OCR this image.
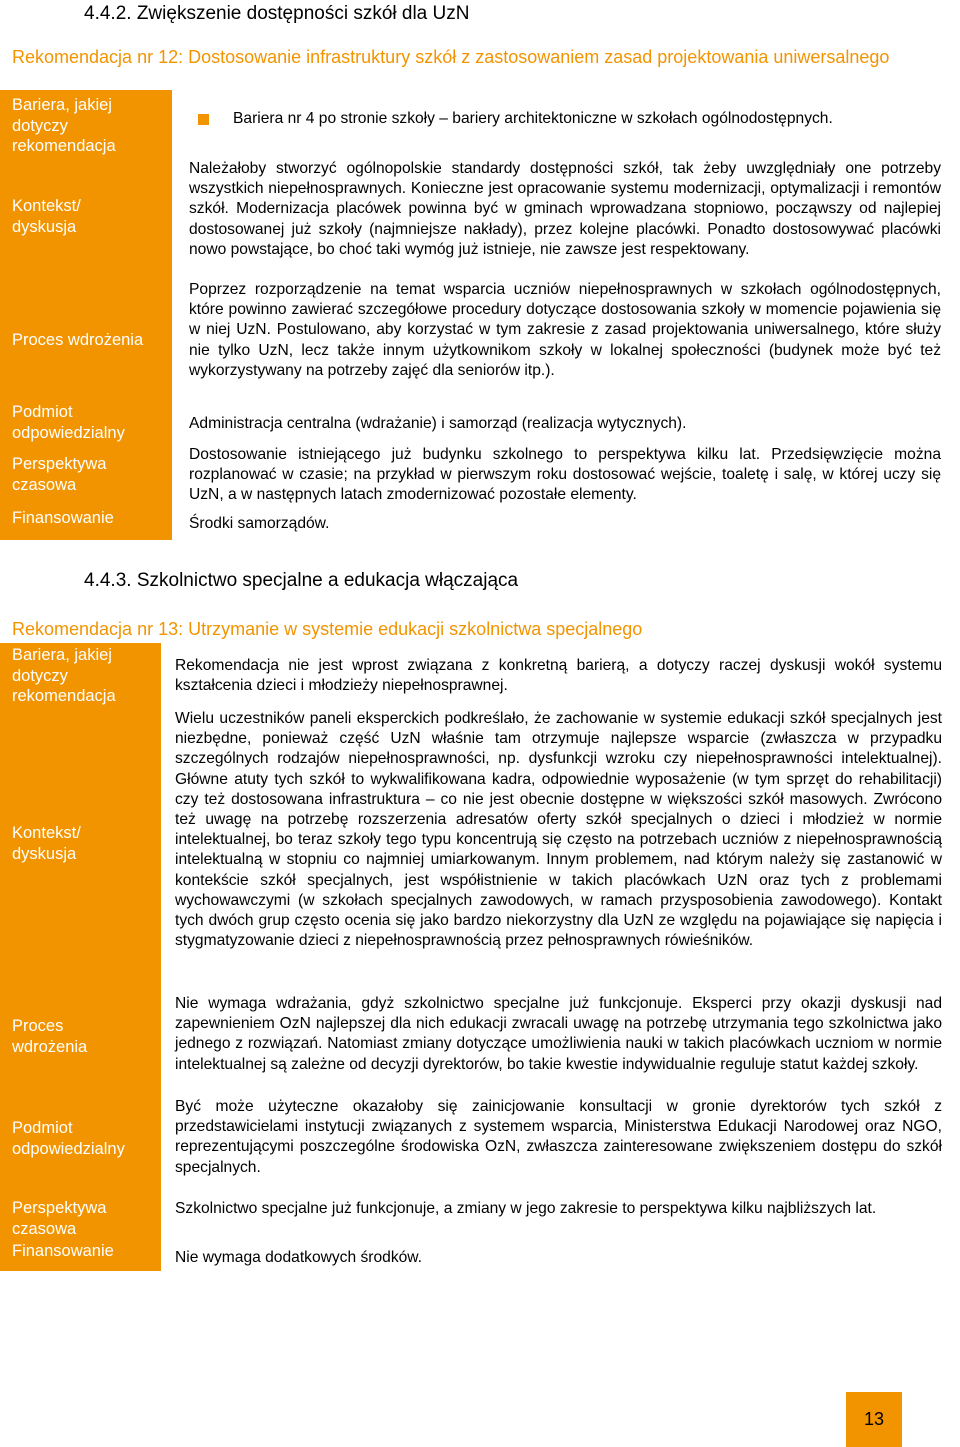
4.4.2. Zwiększenie dostępności szkół dla UzN
Rekomendacja nr 12: Dostosowanie infrastruktury szkół z zastosowaniem zasad projektowania uniwersalnego
Bariera, jakiej dotyczy rekomendacja
Kontekst/ dyskusja
Proces wdrożenia
Podmiot odpowiedzialny
Perspektywa czasowa
Finansowanie
Bariera nr 4 po stronie szkoły – bariery architektoniczne w szkołach ogólnodostępnych.
Należałoby stworzyć ogólnopolskie standardy dostępności szkół, tak żeby uwzględniały one potrzeby wszystkich niepełnosprawnych. Konieczne jest opracowanie systemu modernizacji, optymalizacji i remontów szkół. Modernizacja placówek powinna być w gminach wprowadzana stopniowo, począwszy od najlepiej dostosowanej już szkoły (najmniejsze nakłady), przez kolejne placówki. Ponadto dostosowywać placówki nowo powstające, bo choć taki wymóg już istnieje, nie zawsze jest respektowany.
Poprzez rozporządzenie na temat wsparcia uczniów niepełnosprawnych w szkołach ogólnodostępnych, które powinno zawierać szczegółowe procedury dotyczące dostosowania szkoły w momencie pojawienia się w niej UzN. Postulowano, aby korzystać w tym zakresie z zasad projektowania uniwersalnego, które służy nie tylko UzN, lecz także innym użytkownikom szkoły w lokalnej społeczności (budynek może być też wykorzystywany na potrzeby zajęć dla seniorów itp.).
Administracja centralna (wdrażanie) i samorząd (realizacja wytycznych).
Dostosowanie istniejącego już budynku szkolnego to perspektywa kilku lat. Przedsięwzięcie można rozplanować w czasie; na przykład w pierwszym roku dostosować wejście, toaletę i salę, w której uczy się UzN, a w następnych latach zmodernizować pozostałe elementy.
Środki samorządów.
4.4.3. Szkolnictwo specjalne a edukacja włączająca
Rekomendacja nr 13: Utrzymanie w systemie edukacji szkolnictwa specjalnego
Bariera, jakiej dotyczy rekomendacja
Kontekst/ dyskusja
Proces wdrożenia
Podmiot odpowiedzialny
Perspektywa czasowa
Finansowanie
Rekomendacja nie jest wprost związana z konkretną barierą, a dotyczy raczej dyskusji wokół systemu kształcenia dzieci i młodzieży niepełnosprawnej.
Wielu uczestników paneli eksperckich podkreślało, że zachowanie w systemie edukacji szkół specjalnych jest niezbędne, ponieważ część UzN właśnie tam otrzymuje najlepsze wsparcie (zwłaszcza w przypadku szczególnych rodzajów niepełnosprawności, np. dysfunkcji wzroku czy niepełnosprawności intelektualnej). Główne atuty tych szkół to wykwalifikowana kadra, odpowiednie wyposażenie (w tym sprzęt do rehabilitacji) czy też dostosowana infrastruktura – co nie jest obecnie dostępne w większości szkół masowych. Zwrócono też uwagę na potrzebę rozszerzenia adresatów oferty szkół specjalnych o dzieci i młodzież w normie intelektualnej, bo teraz szkoły tego typu koncentrują się często na potrzebach uczniów z niepełnosprawnością intelektualną w stopniu co najmniej umiarkowanym. Innym problemem, nad którym należy się zastanowić w kontekście szkół specjalnych, jest współistnienie w takich placówkach UzN oraz tych z problemami wychowawczymi (w szkołach specjalnych zawodowych, w ramach przysposobienia zawodowego). Kontakt tych dwóch grup często ocenia się jako bardzo niekorzystny dla UzN ze względu na pojawiające się napięcia i stygmatyzowanie dzieci z niepełnosprawnością przez pełnosprawnych rówieśników.
Nie wymaga wdrażania, gdyż szkolnictwo specjalne już funkcjonuje. Eksperci przy okazji dyskusji nad zapewnieniem OzN najlepszej dla nich edukacji zwracali uwagę na potrzebę utrzymania tego szkolnictwa jako jednego z rozwiązań. Natomiast zmiany dotyczące umożliwienia nauki w takich placówkach uczniom w normie intelektualnej są zależne od decyzji dyrektorów, bo takie kwestie indywidualnie reguluje statut każdej szkoły.
Być może użyteczne okazałoby się zainicjowanie konsultacji w gronie dyrektorów tych szkół z przedstawicielami instytucji związanych z systemem wsparcia, Ministerstwa Edukacji Narodowej oraz NGO, reprezentującymi poszczególne środowiska OzN, zwłaszcza zainteresowane zwiększeniem dostępu do szkół specjalnych.
Szkolnictwo specjalne już funkcjonuje, a zmiany w jego zakresie to perspektywa kilku najbliższych lat.
Nie wymaga dodatkowych środków.
13
